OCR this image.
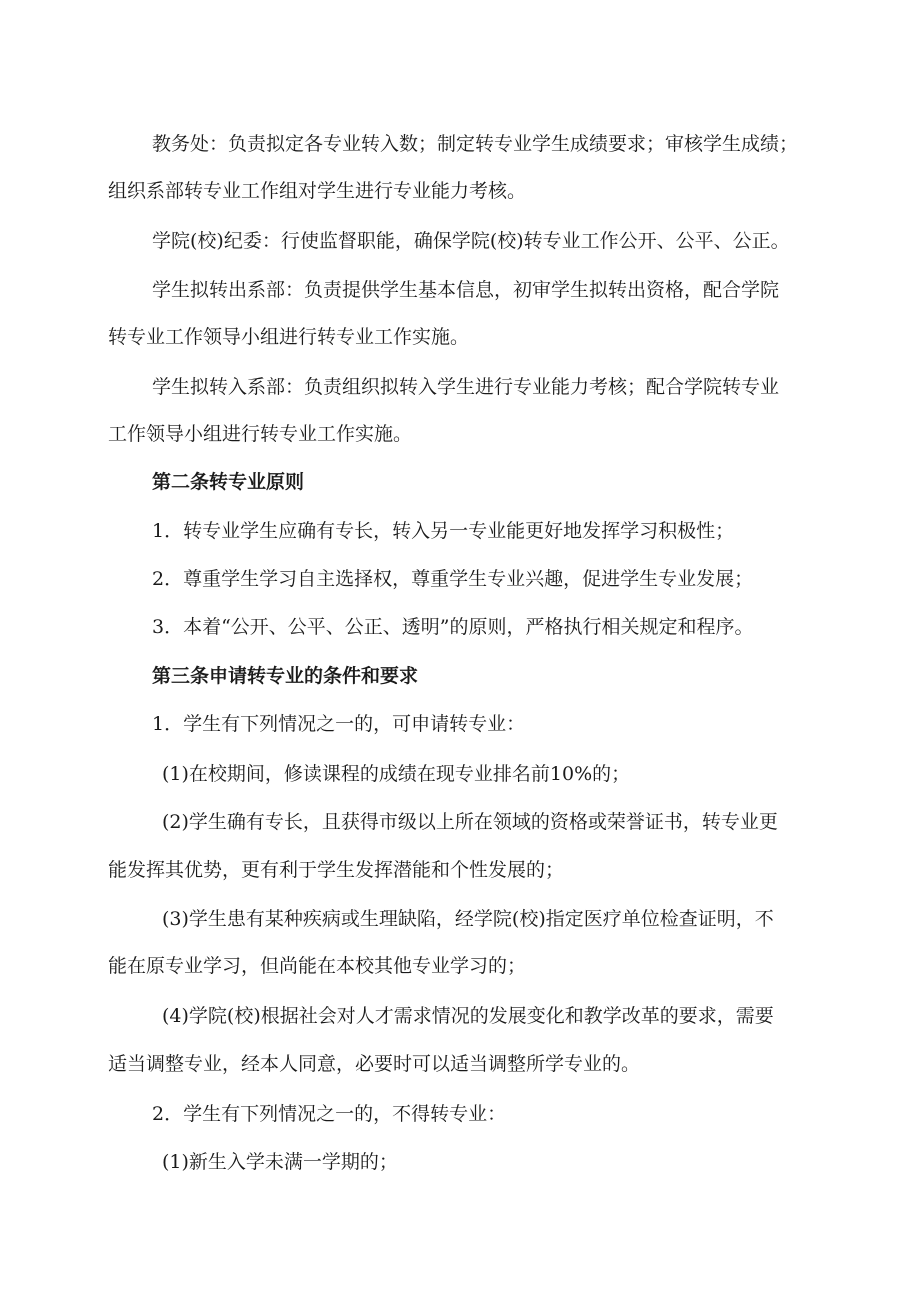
教务处：负责拟定各专业转入数；制定转专业学生成绩要求；审核学生成绩；
组织系部转专业工作组对学生进行专业能力考核。
学院(校)纪委：行使监督职能，确保学院(校)转专业工作公开、公平、公正。
学生拟转出系部：负责提供学生基本信息，初审学生拟转出资格，配合学院
转专业工作领导小组进行转专业工作实施。
学生拟转入系部：负责组织拟转入学生进行专业能力考核；配合学院转专业
工作领导小组进行转专业工作实施。
第二条转专业原则
1．转专业学生应确有专长，转入另一专业能更好地发挥学习积极性；
2．尊重学生学习自主选择权，尊重学生专业兴趣，促进学生专业发展；
3．本着“公开、公平、公正、透明”的原则，严格执行相关规定和程序。
第三条申请转专业的条件和要求
1．学生有下列情况之一的，可申请转专业：
(1)在校期间，修读课程的成绩在现专业排名前10%的；
(2)学生确有专长，且获得市级以上所在领域的资格或荣誉证书，转专业更
能发挥其优势，更有利于学生发挥潜能和个性发展的；
(3)学生患有某种疾病或生理缺陷，经学院(校)指定医疗单位检查证明，不
能在原专业学习，但尚能在本校其他专业学习的；
(4)学院(校)根据社会对人才需求情况的发展变化和教学改革的要求，需要
适当调整专业，经本人同意，必要时可以适当调整所学专业的。
2．学生有下列情况之一的，不得转专业：
(1)新生入学未满一学期的；
